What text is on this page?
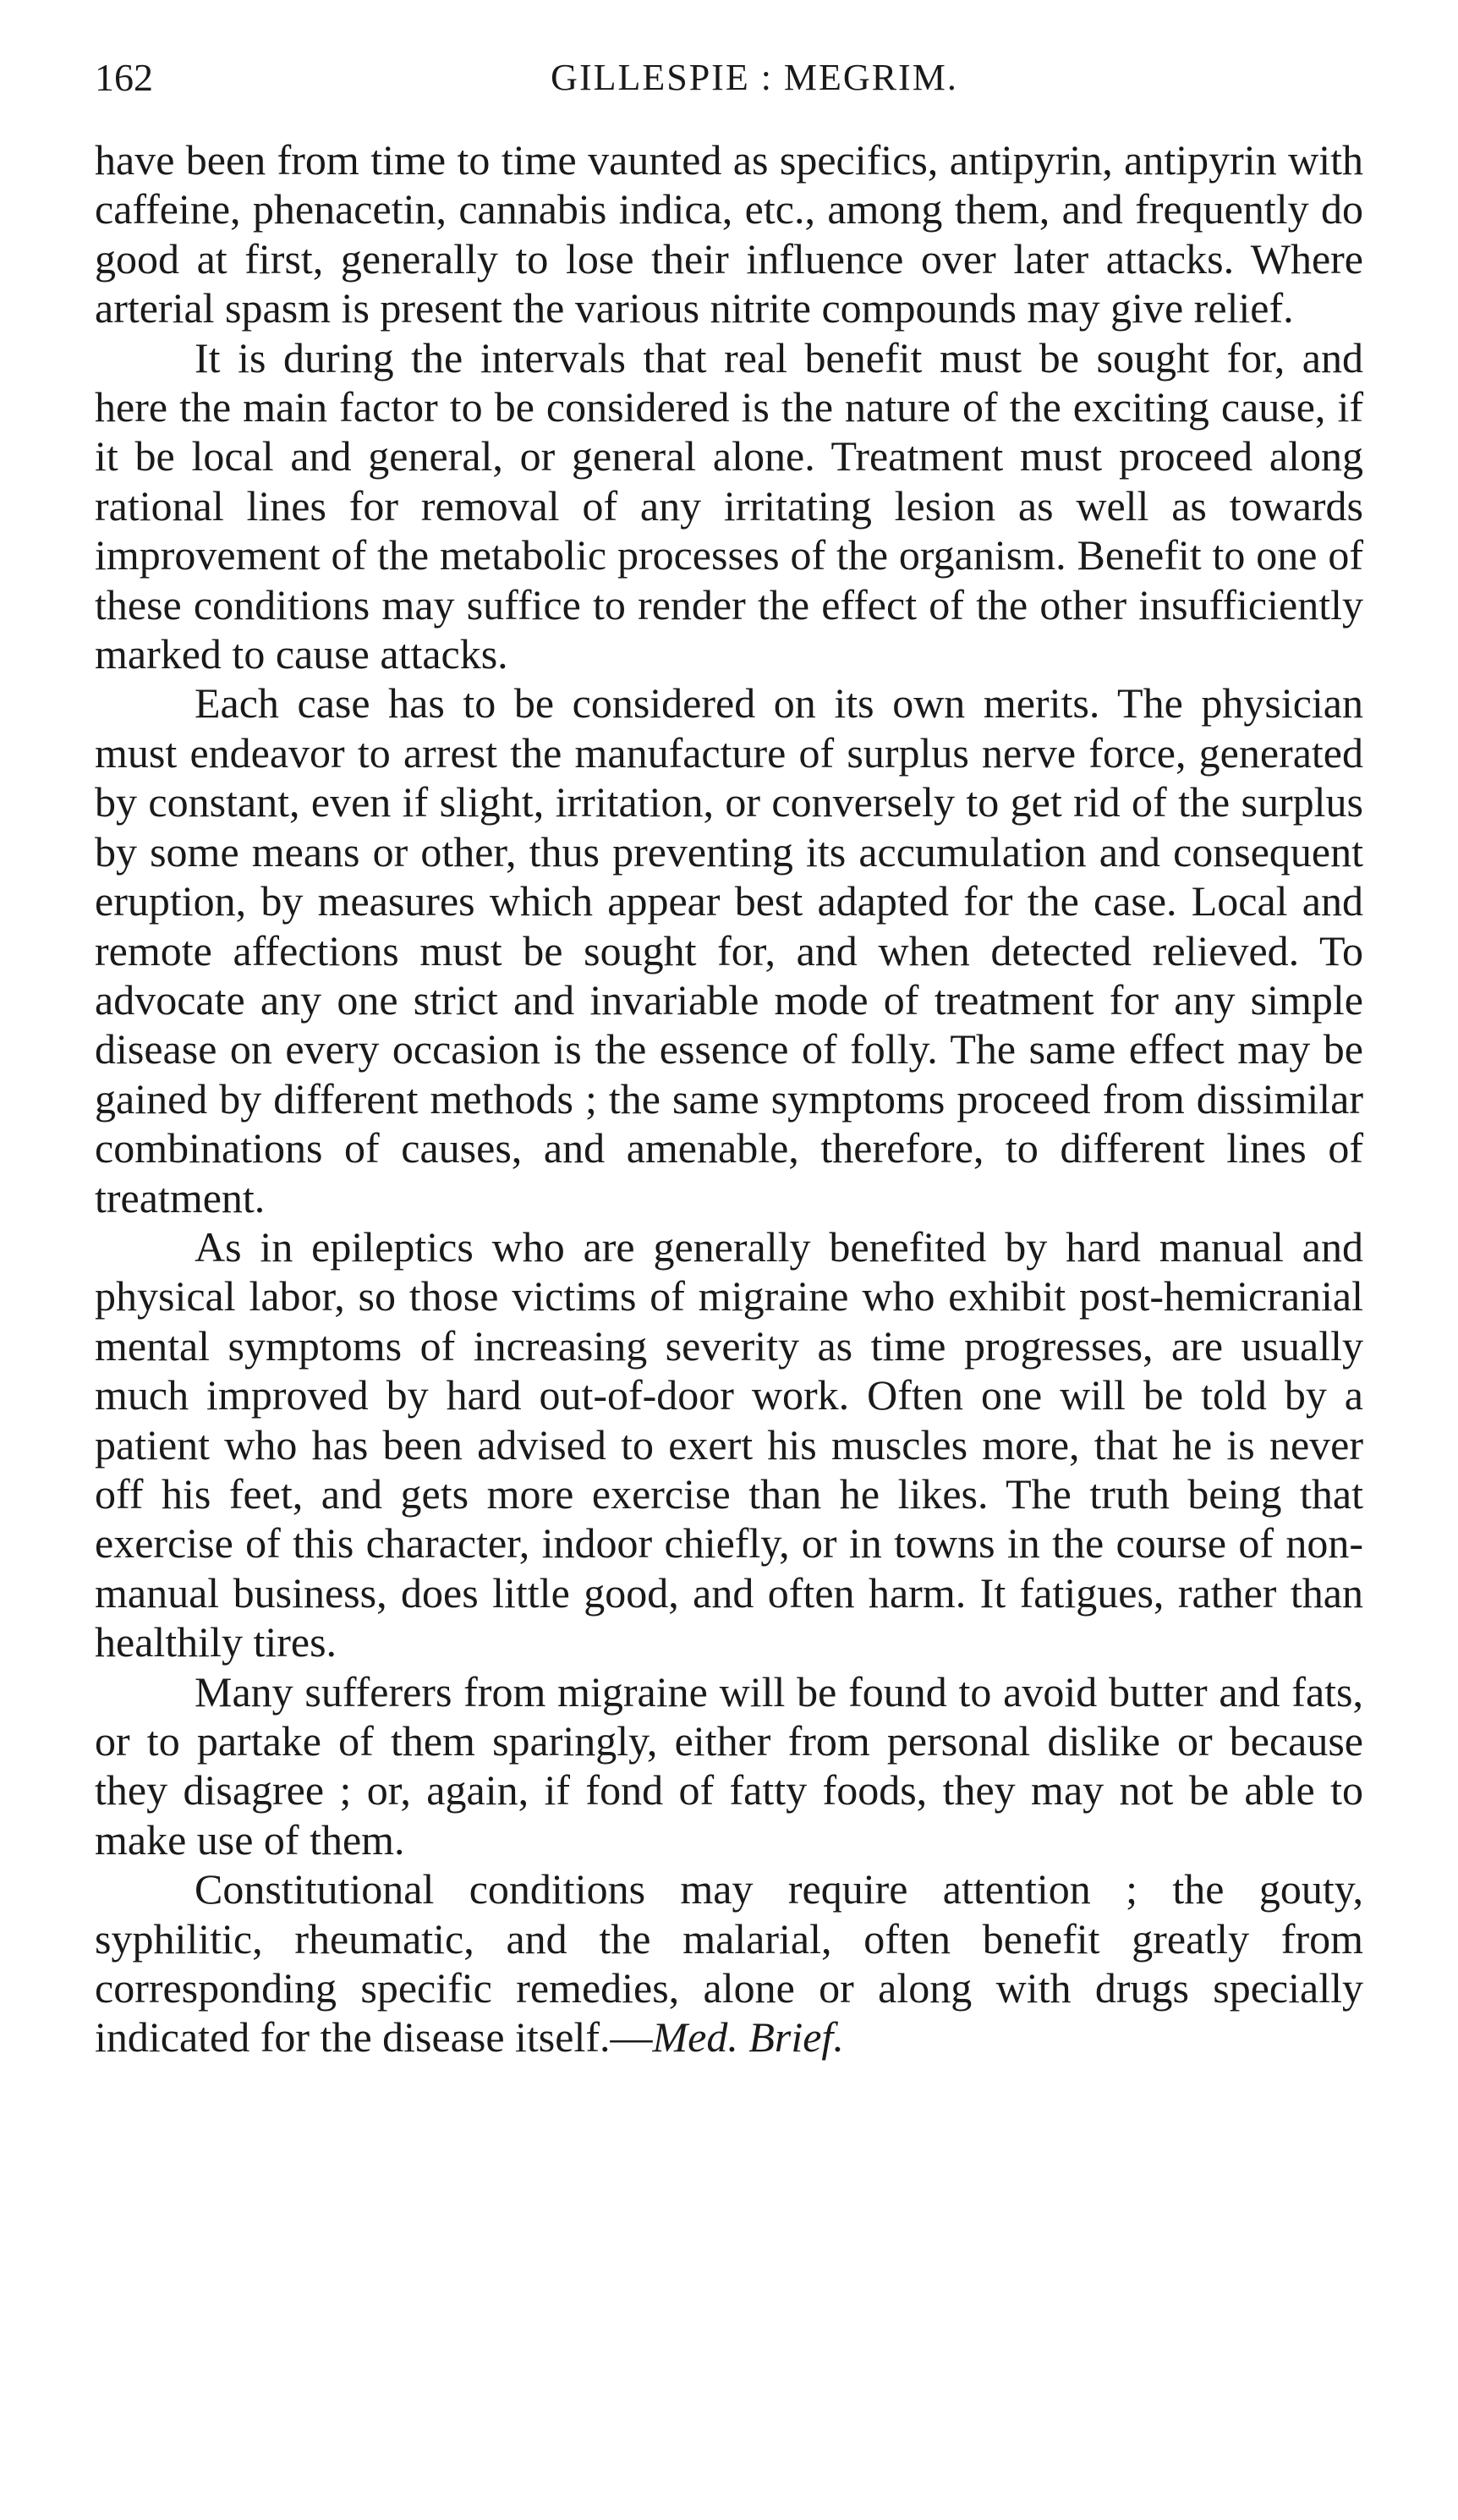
162	GILLESPIE : MEGRIM.

have been from time to time vaunted as specifics, antipyrin, antipyrin with caffeine, phenacetin, cannabis indica, etc., among them, and frequently do good at first, generally to lose their influence over later attacks. Where arterial spasm is present the various nitrite compounds may give relief.

It is during the intervals that real benefit must be sought for, and here the main factor to be considered is the nature of the exciting cause, if it be local and general, or general alone. Treatment must proceed along rational lines for removal of any irritating lesion as well as towards improvement of the metabolic processes of the organism. Benefit to one of these conditions may suffice to render the effect of the other insufficiently marked to cause attacks.

Each case has to be considered on its own merits. The physician must endeavor to arrest the manufacture of surplus nerve force, generated by constant, even if slight, irritation, or conversely to get rid of the surplus by some means or other, thus preventing its accumulation and consequent eruption, by measures which appear best adapted for the case. Local and remote affections must be sought for, and when detected relieved. To advocate any one strict and invariable mode of treatment for any simple disease on every occasion is the essence of folly. The same effect may be gained by different methods ; the same symptoms proceed from dissimilar combinations of causes, and amenable, therefore, to different lines of treatment.

As in epileptics who are generally benefited by hard manual and physical labor, so those victims of migraine who exhibit post-hemicranial mental symptoms of increasing severity as time progresses, are usually much improved by hard out-of-door work. Often one will be told by a patient who has been advised to exert his muscles more, that he is never off his feet, and gets more exercise than he likes. The truth being that exercise of this character, indoor chiefly, or in towns in the course of non-manual business, does little good, and often harm. It fatigues, rather than healthily tires.

Many sufferers from migraine will be found to avoid butter and fats, or to partake of them sparingly, either from personal dislike or because they disagree ; or, again, if fond of fatty foods, they may not be able to make use of them.

Constitutional conditions may require attention ; the gouty, syphilitic, rheumatic, and the malarial, often benefit greatly from corresponding specific remedies, alone or along with drugs specially indicated for the disease itself.—Med. Brief.
